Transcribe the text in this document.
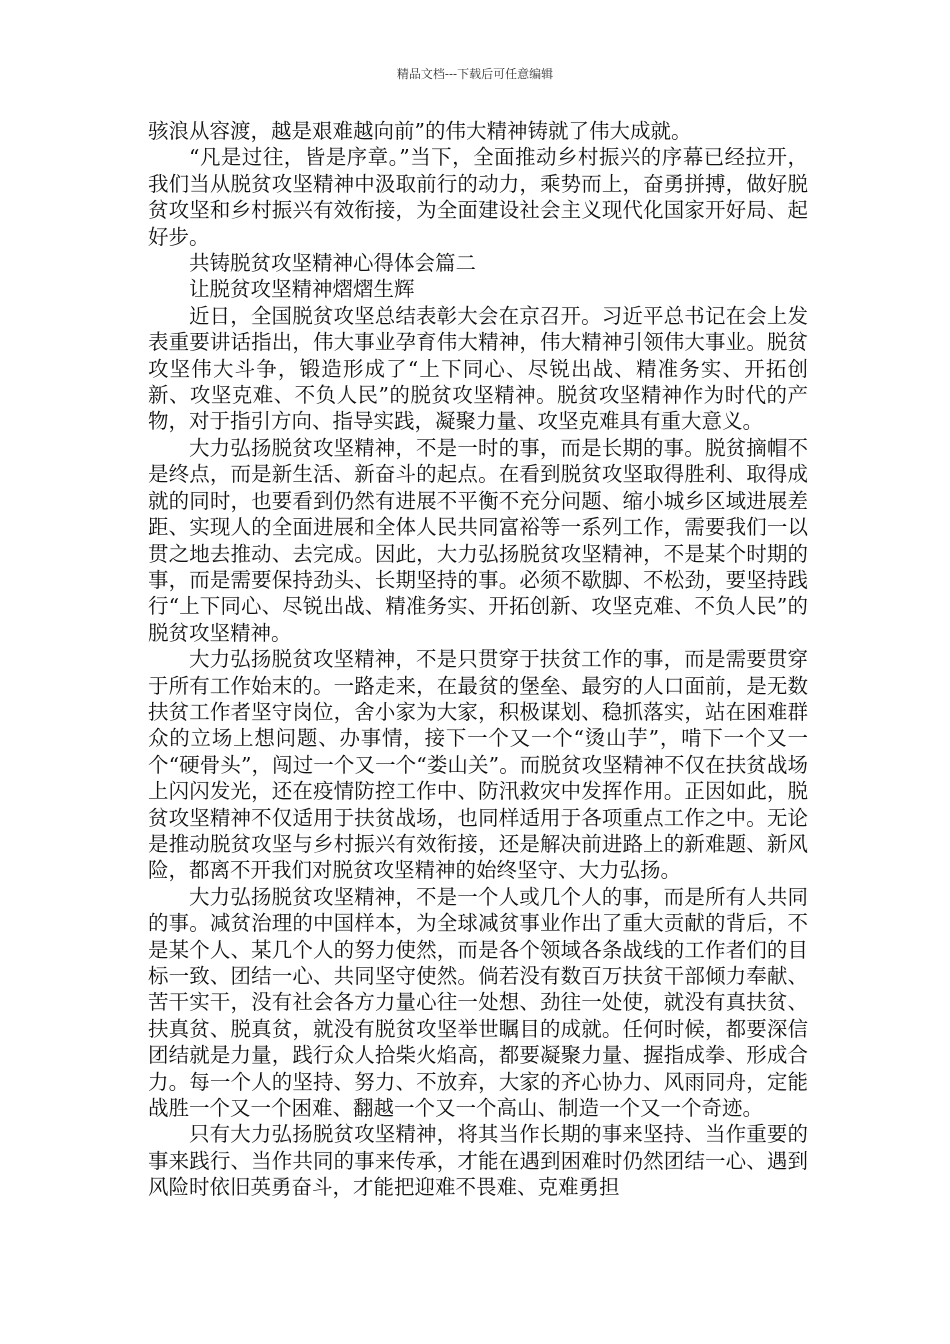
精品文档---下载后可任意编辑

骇浪从容渡，越是艰难越向前”的伟大精神铸就了伟大成就。

“凡是过往，皆是序章。”当下，全面推动乡村振兴的序幕已经拉开，我们当从脱贫攻坚精神中汲取前行的动力，乘势而上，奋勇拼搏，做好脱贫攻坚和乡村振兴有效衔接，为全面建设社会主义现代化国家开好局、起好步。

共铸脱贫攻坚精神心得体会篇二

让脱贫攻坚精神熠熠生辉

近日，全国脱贫攻坚总结表彰大会在京召开。习近平总书记在会上发表重要讲话指出，伟大事业孕育伟大精神，伟大精神引领伟大事业。脱贫攻坚伟大斗争，锻造形成了“上下同心、尽锐出战、精准务实、开拓创新、攻坚克难、不负人民”的脱贫攻坚精神。脱贫攻坚精神作为时代的产物，对于指引方向、指导实践，凝聚力量、攻坚克难具有重大意义。

大力弘扬脱贫攻坚精神，不是一时的事，而是长期的事。脱贫摘帽不是终点，而是新生活、新奋斗的起点。在看到脱贫攻坚取得胜利、取得成就的同时，也要看到仍然有进展不平衡不充分问题、缩小城乡区域进展差距、实现人的全面进展和全体人民共同富裕等一系列工作，需要我们一以贯之地去推动、去完成。因此，大力弘扬脱贫攻坚精神，不是某个时期的事，而是需要保持劲头、长期坚持的事。必须不歇脚、不松劲，要坚持践行“上下同心、尽锐出战、精准务实、开拓创新、攻坚克难、不负人民”的脱贫攻坚精神。

大力弘扬脱贫攻坚精神，不是只贯穿于扶贫工作的事，而是需要贯穿于所有工作始末的。一路走来，在最贫的堡垒、最穷的人口面前，是无数扶贫工作者坚守岗位，舍小家为大家，积极谋划、稳抓落实，站在困难群众的立场上想问题、办事情，接下一个又一个“烫山芋”，啃下一个又一个“硬骨头”，闯过一个又一个“娄山关”。而脱贫攻坚精神不仅在扶贫战场上闪闪发光，还在疫情防控工作中、防汛救灾中发挥作用。正因如此，脱贫攻坚精神不仅适用于扶贫战场，也同样适用于各项重点工作之中。无论是推动脱贫攻坚与乡村振兴有效衔接，还是解决前进路上的新难题、新风险，都离不开我们对脱贫攻坚精神的始终坚守、大力弘扬。

大力弘扬脱贫攻坚精神，不是一个人或几个人的事，而是所有人共同的事。减贫治理的中国样本，为全球减贫事业作出了重大贡献的背后，不是某个人、某几个人的努力使然，而是各个领域各条战线的工作者们的目标一致、团结一心、共同坚守使然。倘若没有数百万扶贫干部倾力奉献、苦干实干，没有社会各方力量心往一处想、劲往一处使，就没有真扶贫、扶真贫、脱真贫，就没有脱贫攻坚举世瞩目的成就。任何时候，都要深信团结就是力量，践行众人拾柴火焰高，都要凝聚力量、握指成拳、形成合力。每一个人的坚持、努力、不放弃，大家的齐心协力、风雨同舟，定能战胜一个又一个困难、翻越一个又一个高山、制造一个又一个奇迹。

只有大力弘扬脱贫攻坚精神，将其当作长期的事来坚持、当作重要的事来践行、当作共同的事来传承，才能在遇到困难时仍然团结一心、遇到风险时依旧英勇奋斗，才能把迎难不畏难、克难勇担
